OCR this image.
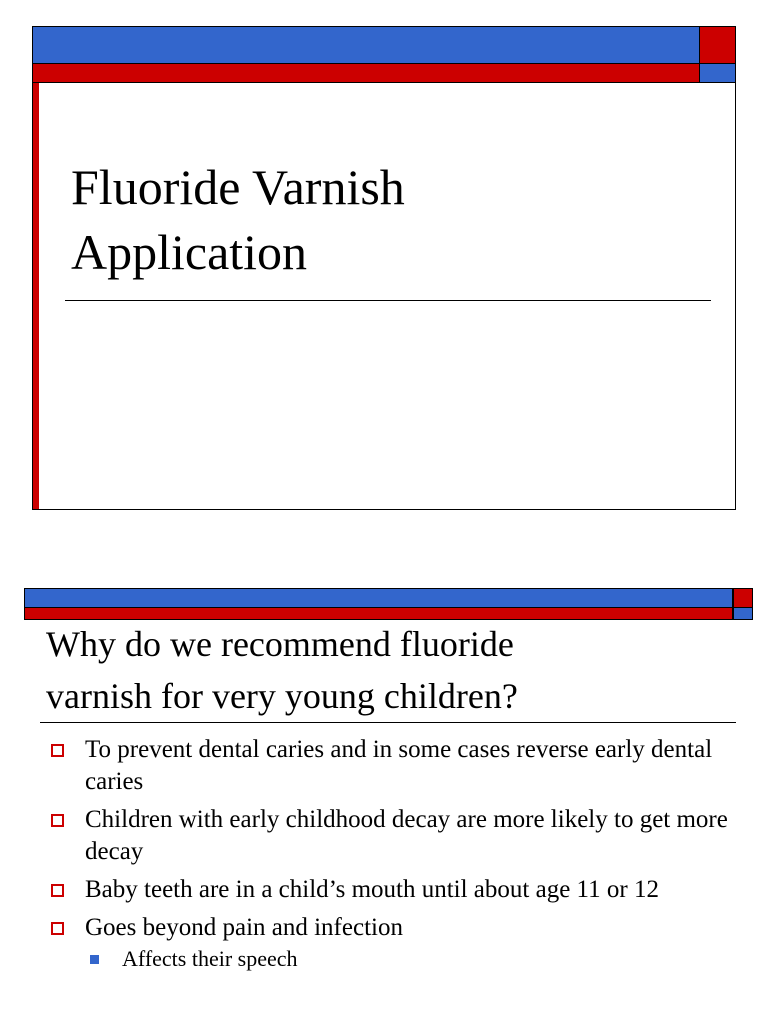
Fluoride Varnish
Application
Why do we recommend fluoride
varnish for very young children?
To prevent dental caries and in some cases reverse early dental caries
Children with early childhood decay are more likely to get more decay
Baby teeth are in a child’s mouth until about age 11 or 12
Goes beyond pain and infection
Affects their speech
